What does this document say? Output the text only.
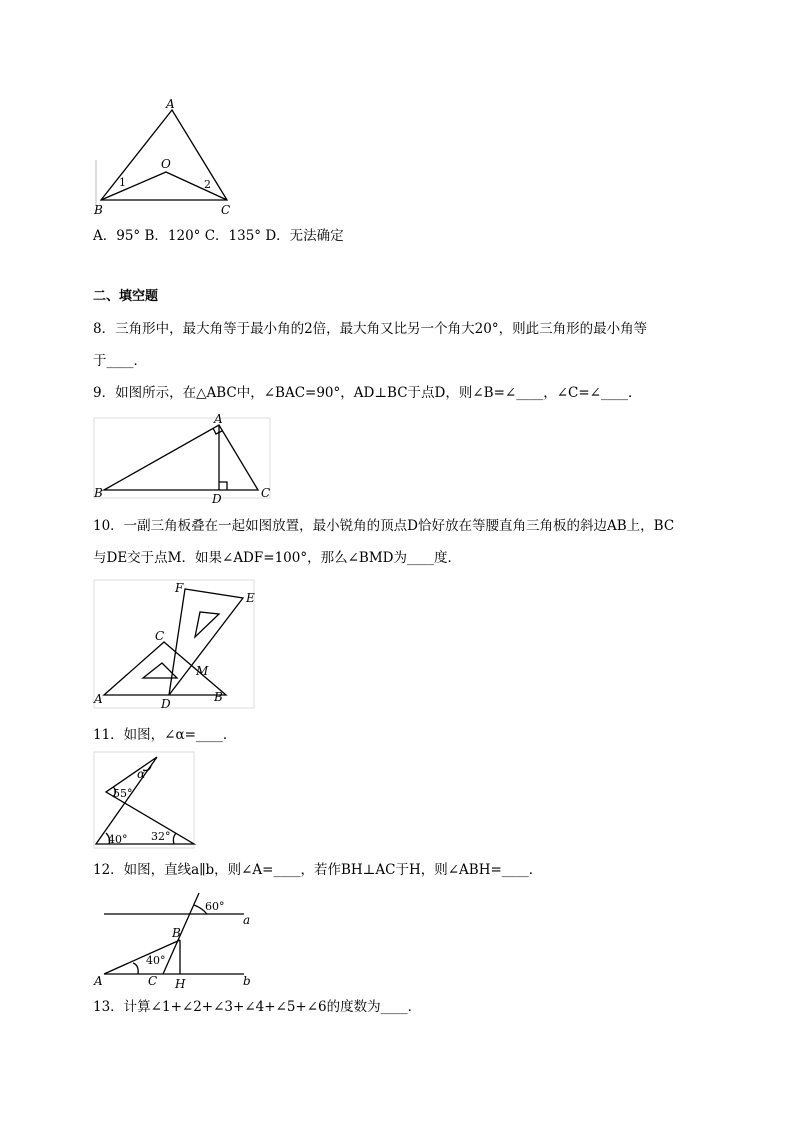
A
O
1	2
B	C
A．95° B．120° C．135° D．无法确定
二、填空题
8．三角形中，最大角等于最小角的2倍，最大角又比另一个角大20°，则此三角形的最小角等
于____．
9．如图所示，在△ABC中，∠BAC=90°，AD⊥BC于点D，则∠B=∠____，∠C=∠____．
A
B	D	C
10．一副三角板叠在一起如图放置，最小锐角的顶点D恰好放在等腰直角三角板的斜边AB上，BC
与DE交于点M．如果∠ADF=100°，那么∠BMD为____度．
F
E
C
M
A	D	B
11．如图，∠α=____．
α
55°
40° 32°
12．如图，直线a∥b，则∠A=____，若作BH⊥AC于H，则∠ABH=____．
60°
a
B
40°
A	C H	b
13．计算∠1+∠2+∠3+∠4+∠5+∠6的度数为____．
